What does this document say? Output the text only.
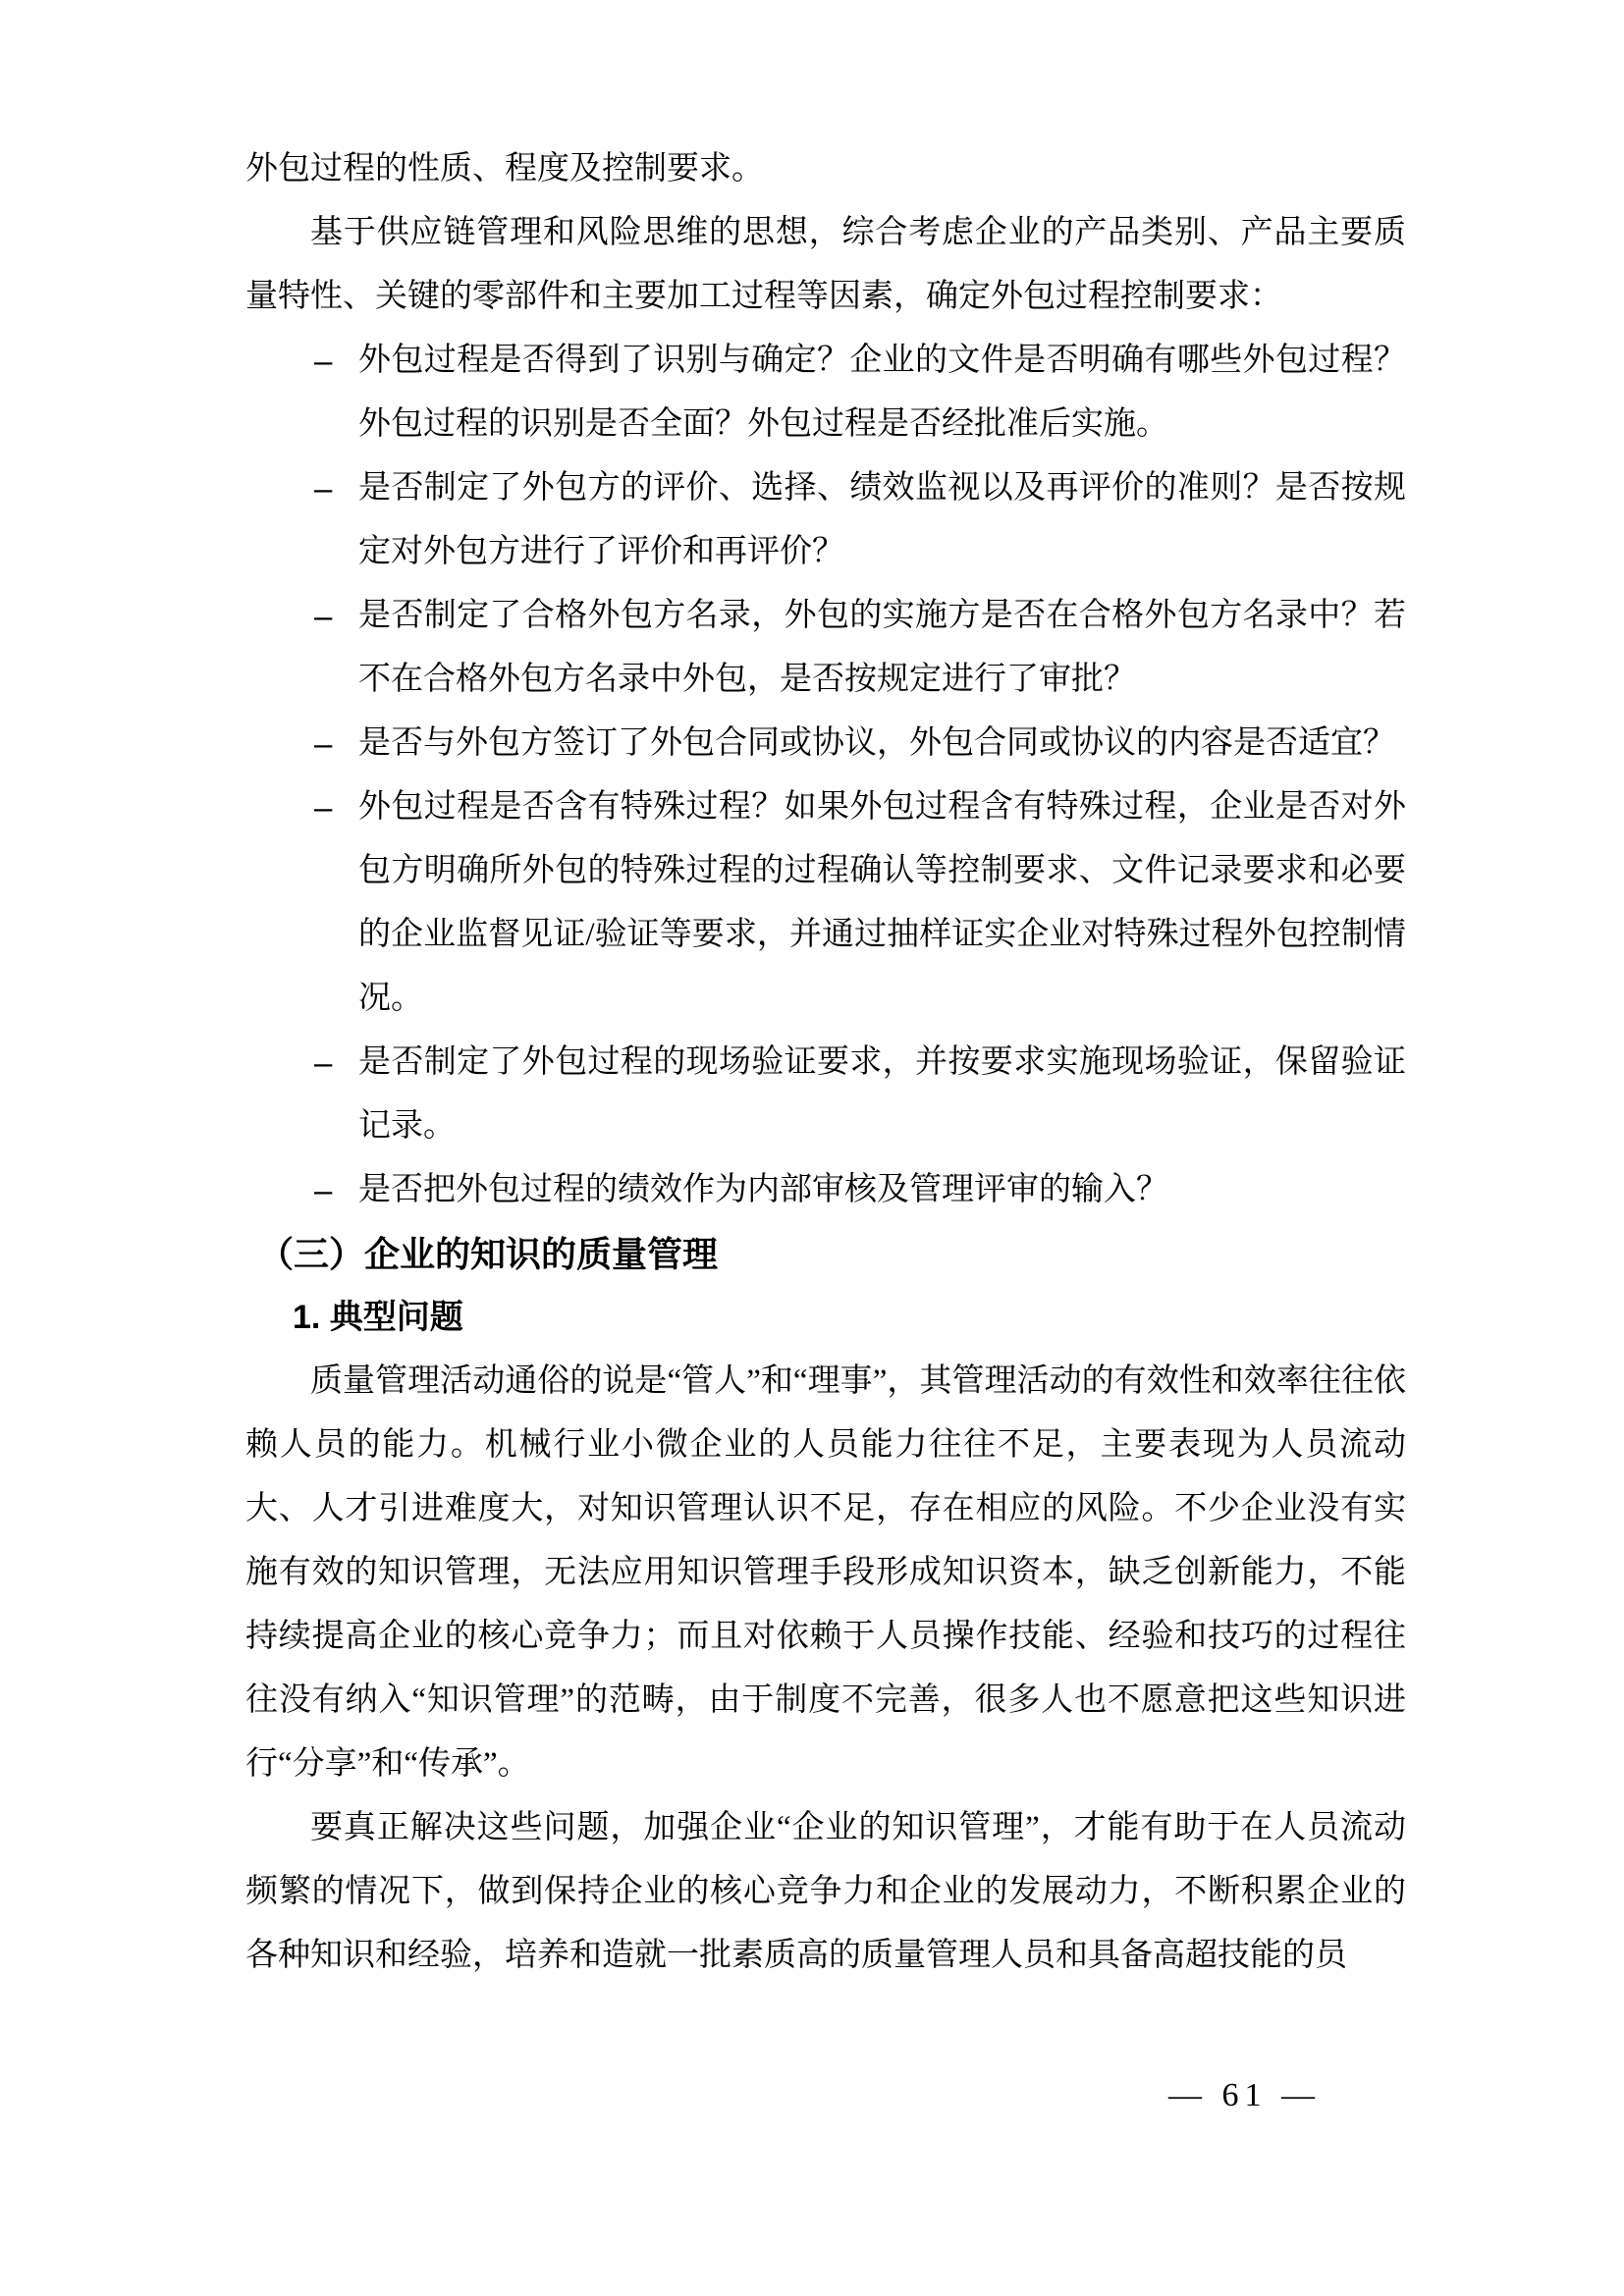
外包过程的性质、程度及控制要求。

基于供应链管理和风险思维的思想，综合考虑企业的产品类别、产品主要质量特性、关键的零部件和主要加工过程等因素，确定外包过程控制要求：

– 外包过程是否得到了识别与确定？企业的文件是否明确有哪些外包过程？外包过程的识别是否全面？外包过程是否经批准后实施。
– 是否制定了外包方的评价、选择、绩效监视以及再评价的准则？是否按规定对外包方进行了评价和再评价？
– 是否制定了合格外包方名录，外包的实施方是否在合格外包方名录中？若不在合格外包方名录中外包，是否按规定进行了审批？
– 是否与外包方签订了外包合同或协议，外包合同或协议的内容是否适宜？
– 外包过程是否含有特殊过程？如果外包过程含有特殊过程，企业是否对外包方明确所外包的特殊过程的过程确认等控制要求、文件记录要求和必要的企业监督见证/验证等要求，并通过抽样证实企业对特殊过程外包控制情况。
– 是否制定了外包过程的现场验证要求，并按要求实施现场验证，保留验证记录。
– 是否把外包过程的绩效作为内部审核及管理评审的输入？
（三）企业的知识的质量管理
1. 典型问题

质量管理活动通俗的说是“管人”和“理事”，其管理活动的有效性和效率往往依赖人员的能力。机械行业小微企业的人员能力往往不足，主要表现为人员流动大、人才引进难度大，对知识管理认识不足，存在相应的风险。不少企业没有实施有效的知识管理，无法应用知识管理手段形成知识资本，缺乏创新能力，不能持续提高企业的核心竞争力；而且对依赖于人员操作技能、经验和技巧的过程往往没有纳入“知识管理”的范畴，由于制度不完善，很多人也不愿意把这些知识进行“分享”和“传承”。

要真正解决这些问题，加强企业“企业的知识管理”，才能有助于在人员流动频繁的情况下，做到保持企业的核心竞争力和企业的发展动力，不断积累企业的各种知识和经验，培养和造就一批素质高的质量管理人员和具备高超技能的员

— 61 —
